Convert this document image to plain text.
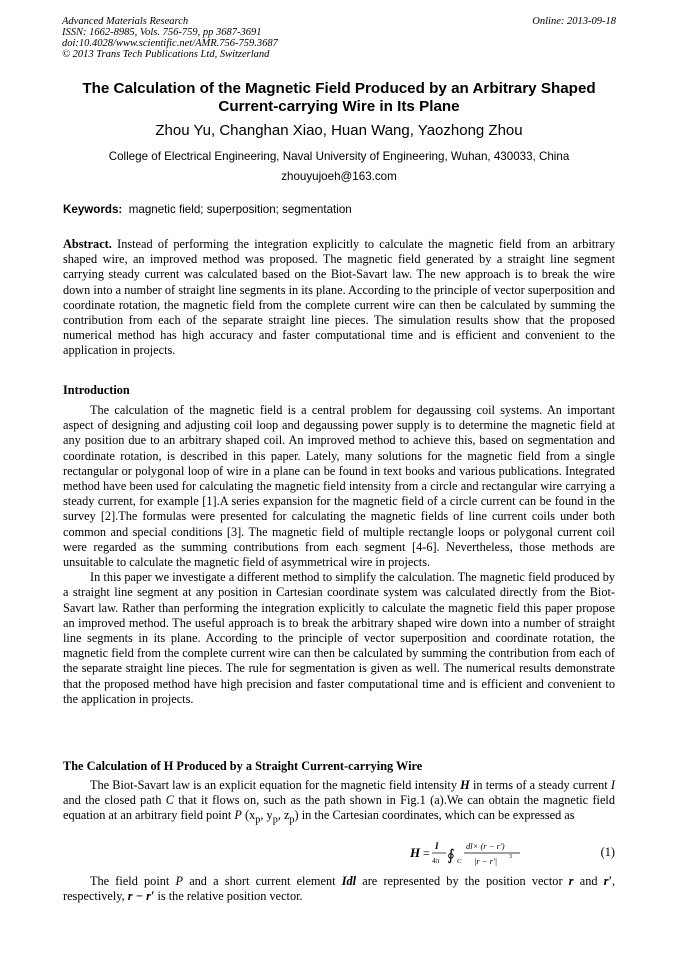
Advanced Materials Research
ISSN: 1662-8985, Vols. 756-759, pp 3687-3691
doi:10.4028/www.scientific.net/AMR.756-759.3687
© 2013 Trans Tech Publications Ltd, Switzerland
Online: 2013-09-18
The Calculation of the Magnetic Field Produced by an Arbitrary Shaped
Current-carrying Wire in Its Plane
Zhou Yu, Changhan Xiao, Huan Wang, Yaozhong Zhou
College of Electrical Engineering, Naval University of Engineering, Wuhan, 430033, China
zhouyujoeh@163.com
Keywords: magnetic field; superposition; segmentation
Abstract. Instead of performing the integration explicitly to calculate the magnetic field from an arbitrary shaped wire, an improved method was proposed. The magnetic field generated by a straight line segment carrying steady current was calculated based on the Biot-Savart law. The new approach is to break the wire down into a number of straight line segments in its plane. According to the principle of vector superposition and coordinate rotation, the magnetic field from the complete current wire can then be calculated by summing the contribution from each of the separate straight line pieces. The simulation results show that the proposed numerical method has high accuracy and faster computational time and is efficient and convenient to the application in projects.
Introduction

The calculation of the magnetic field is a central problem for degaussing coil systems. An important aspect of designing and adjusting coil loop and degaussing power supply is to determine the magnetic field at any position due to an arbitrary shaped coil. An improved method to achieve this, based on segmentation and coordinate rotation, is described in this paper. Lately, many solutions for the magnetic field from a single rectangular or polygonal loop of wire in a plane can be found in text books and various publications. Integrated method have been used for calculating the magnetic field intensity from a circle and rectangular wire carrying a steady current, for example [1].A series expansion for the magnetic field of a circle current can be found in the survey [2].The formulas were presented for calculating the magnetic fields of line current coils under both common and special conditions [3]. The magnetic field of multiple rectangle loops or polygonal current coil were regarded as the summing contributions from each segment [4-6]. Nevertheless, those methods are unsuitable to calculate the magnetic field of asymmetrical wire in projects.

In this paper we investigate a different method to simplify the calculation. The magnetic field produced by a straight line segment at any position in Cartesian coordinate system was calculated directly from the Biot-Savart law. Rather than performing the integration explicitly to calculate the magnetic field this paper propose an improved method. The useful approach is to break the arbitrary shaped wire down into a number of straight line segments in its plane. According to the principle of vector superposition and coordinate rotation, the magnetic field from the complete current wire can then be calculated by summing the contribution from each of the separate straight line pieces. The rule for segmentation is given as well. The numerical results demonstrate that the proposed method have high precision and faster computational time and is efficient and convenient to the application in projects.

The Calculation of H Produced by a Straight Current-carrying Wire

The Biot-Savart law is an explicit equation for the magnetic field intensity H in terms of a steady current I and the closed path C that it flows on, such as the path shown in Fig.1 (a).We can obtain the magnetic field equation at an arbitrary field point P ($x_p$, $y_p$, $z_p$) in the Cartesian coordinates, which can be expressed as

H = I
4π ∮ C
dl× (r − r′)
|r − r′| 3	(1)

The field point P and a short current element Idl are represented by the position vector r and r′, respectively, r − r′ is the relative position vector.
